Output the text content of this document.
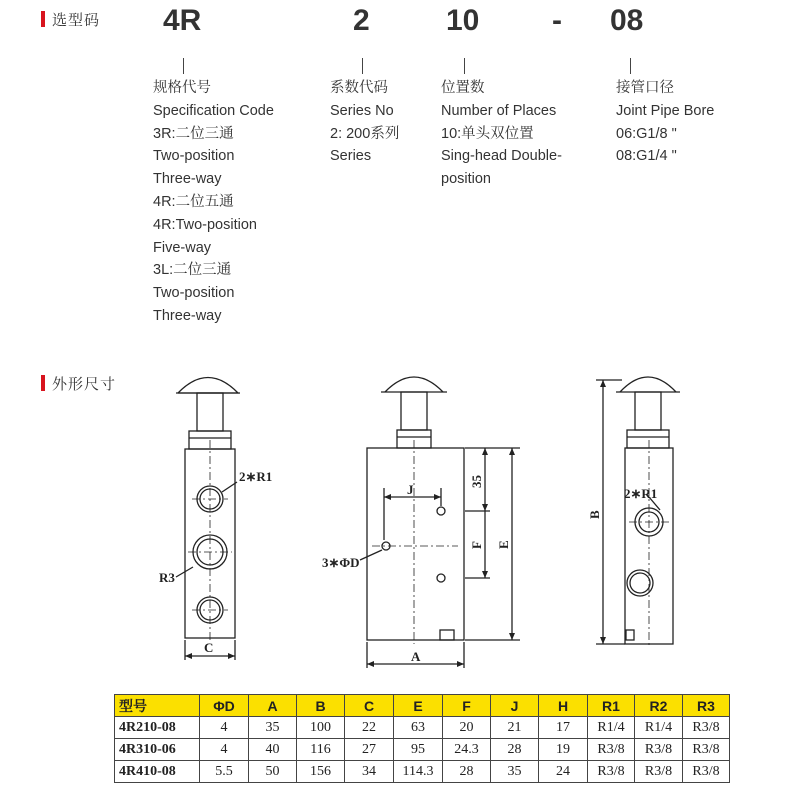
选型码 4R	2	10 - 08
规格代号
Specification Code
3R:二位三通
Two-position
Three-way
4R:二位五通
4R:Two-position
Five-way
3L:二位三通
Two-position
Three-way
系数代码
Series No
2: 200系列
Series
位置数
Number of Places
10:单头双位置
Sing-head Double-
position
接管口径
Joint Pipe Bore
06:G1/8 "
08:G1/4 "
外形尺寸
2∗R1
R3
C
J
3∗ΦD
A
35
F E
B
2∗R1
型号	ΦD	A	B	C	E	F	J	H	R1	R2	R3
4R210-08	4	35	100	22	63	20	21	17	R1/4	R1/4	R3/8
4R310-06	4	40	116	27	95	24.3	28	19	R3/8	R3/8	R3/8
4R410-08	5.5	50	156	34	114.3	28	35	24	R3/8	R3/8	R3/8
